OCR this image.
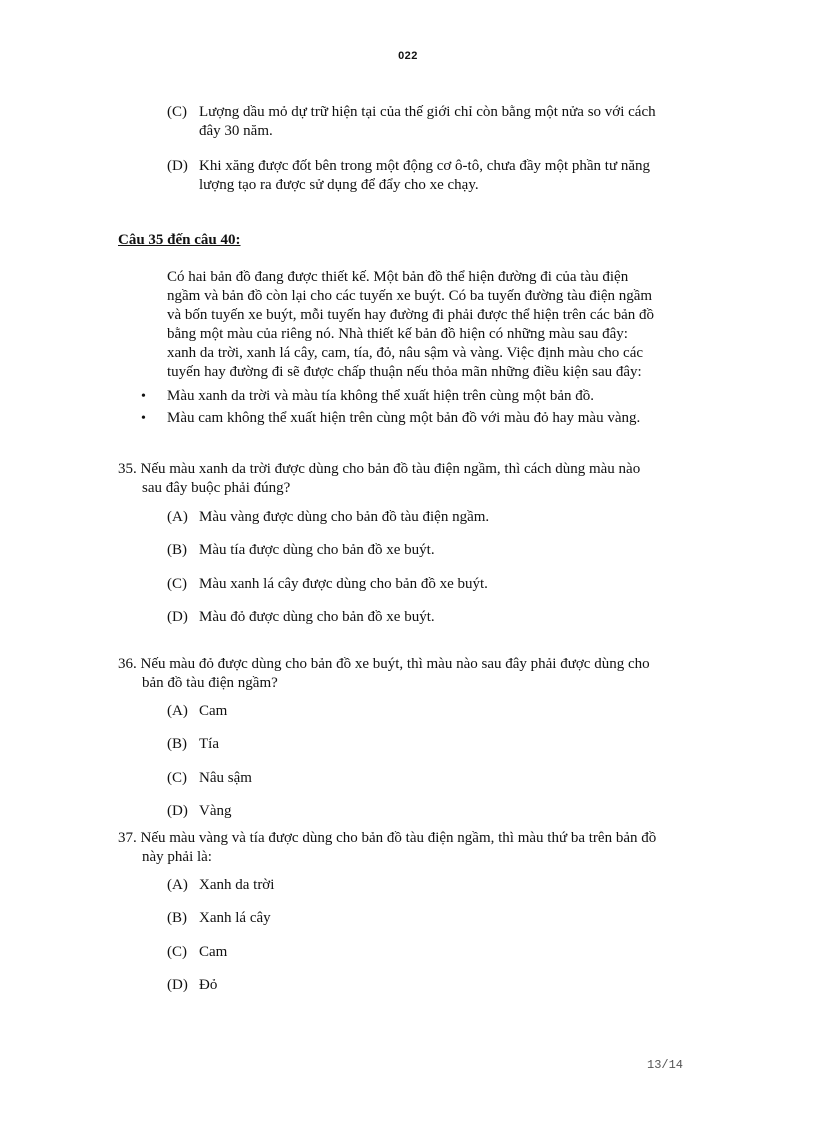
022
(C) Lượng dầu mỏ dự trữ hiện tại của thế giới chỉ còn bằng một nửa so với cách
đây 30 năm.
(D) Khi xăng được đốt bên trong một động cơ ô-tô, chưa đầy một phần tư năng
lượng tạo ra được sử dụng để đẩy cho xe chạy.
Câu 35 đến câu 40:
Có hai bản đồ đang được thiết kế. Một bản đồ thể hiện đường đi của tàu điện
ngầm và bản đồ còn lại cho các tuyến xe buýt. Có ba tuyến đường tàu điện ngầm
và bốn tuyến xe buýt, mỗi tuyến hay đường đi phải được thể hiện trên các bản đồ
bằng một màu của riêng nó. Nhà thiết kế bản đồ hiện có những màu sau đây:
xanh da trời, xanh lá cây, cam, tía, đỏ, nâu sậm và vàng. Việc định màu cho các
tuyến hay đường đi sẽ được chấp thuận nếu thỏa mãn những điều kiện sau đây:
• Màu xanh da trời và màu tía không thể xuất hiện trên cùng một bản đồ.
• Màu cam không thể xuất hiện trên cùng một bản đồ với màu đỏ hay màu vàng.
35. Nếu màu xanh da trời được dùng cho bản đồ tàu điện ngầm, thì cách dùng màu nào
sau đây buộc phải đúng?
(A) Màu vàng được dùng cho bản đồ tàu điện ngầm.
(B) Màu tía được dùng cho bản đồ xe buýt.
(C) Màu xanh lá cây được dùng cho bản đồ xe buýt.
(D) Màu đỏ được dùng cho bản đồ xe buýt.
36. Nếu màu đỏ được dùng cho bản đồ xe buýt, thì màu nào sau đây phải được dùng cho
bản đồ tàu điện ngầm?
(A) Cam
(B) Tía
(C) Nâu sậm
(D) Vàng
37. Nếu màu vàng và tía được dùng cho bản đồ tàu điện ngầm, thì màu thứ ba trên bản đồ
này phải là:
(A) Xanh da trời
(B) Xanh lá cây
(C) Cam
(D) Đỏ
13/14
